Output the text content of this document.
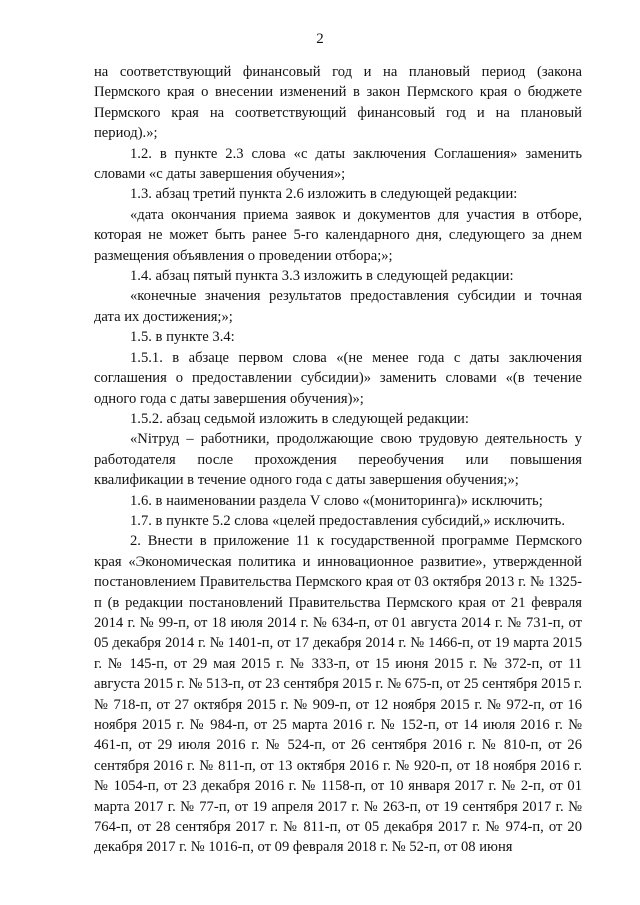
2

на соответствующий финансовый год и на плановый период (закона Пермского края о внесении изменений в закон Пермского края о бюджете Пермского края на соответствующий финансовый год и на плановый период).»;

1.2. в пункте 2.3 слова «с даты заключения Соглашения» заменить словами «с даты завершения обучения»;

1.3. абзац третий пункта 2.6 изложить в следующей редакции:

«дата окончания приема заявок и документов для участия в отборе, которая не может быть ранее 5-го календарного дня, следующего за днем размещения объявления о проведении отбора;»;

1.4. абзац пятый пункта 3.3 изложить в следующей редакции:

«конечные значения результатов предоставления субсидии и точная дата их достижения;»;

1.5. в пункте 3.4:

1.5.1. в абзаце первом слова «(не менее года с даты заключения соглашения о предоставлении субсидии)» заменить словами «(в течение одного года с даты завершения обучения)»;

1.5.2. абзац седьмой изложить в следующей редакции:

«Niтруд – работники, продолжающие свою трудовую деятельность у работодателя после прохождения переобучения или повышения квалификации в течение одного года с даты завершения обучения;»;

1.6. в наименовании раздела V слово «(мониторинга)» исключить;

1.7. в пункте 5.2 слова «целей предоставления субсидий,» исключить.

2. Внести в приложение 11 к государственной программе Пермского края «Экономическая политика и инновационное развитие», утвержденной постановлением Правительства Пермского края от 03 октября 2013 г. № 1325-п (в редакции постановлений Правительства Пермского края от 21 февраля 2014 г. № 99-п, от 18 июля 2014 г. № 634-п, от 01 августа 2014 г. № 731-п, от 05 декабря 2014 г. № 1401-п, от 17 декабря 2014 г. № 1466-п, от 19 марта 2015 г. № 145-п, от 29 мая 2015 г. № 333-п, от 15 июня 2015 г. № 372-п, от 11 августа 2015 г. № 513-п, от 23 сентября 2015 г. № 675-п, от 25 сентября 2015 г. № 718-п, от 27 октября 2015 г. № 909-п, от 12 ноября 2015 г. № 972-п, от 16 ноября 2015 г. № 984-п, от 25 марта 2016 г. № 152-п, от 14 июля 2016 г. № 461-п, от 29 июля 2016 г. № 524-п, от 26 сентября 2016 г. № 810-п, от 26 сентября 2016 г. № 811-п, от 13 октября 2016 г. № 920-п, от 18 ноября 2016 г. № 1054-п, от 23 декабря 2016 г. № 1158-п, от 10 января 2017 г. № 2-п, от 01 марта 2017 г. № 77-п, от 19 апреля 2017 г. № 263-п, от 19 сентября 2017 г. № 764-п, от 28 сентября 2017 г. № 811-п, от 05 декабря 2017 г. № 974-п, от 20 декабря 2017 г. № 1016-п, от 09 февраля 2018 г. № 52-п, от 08 июня
